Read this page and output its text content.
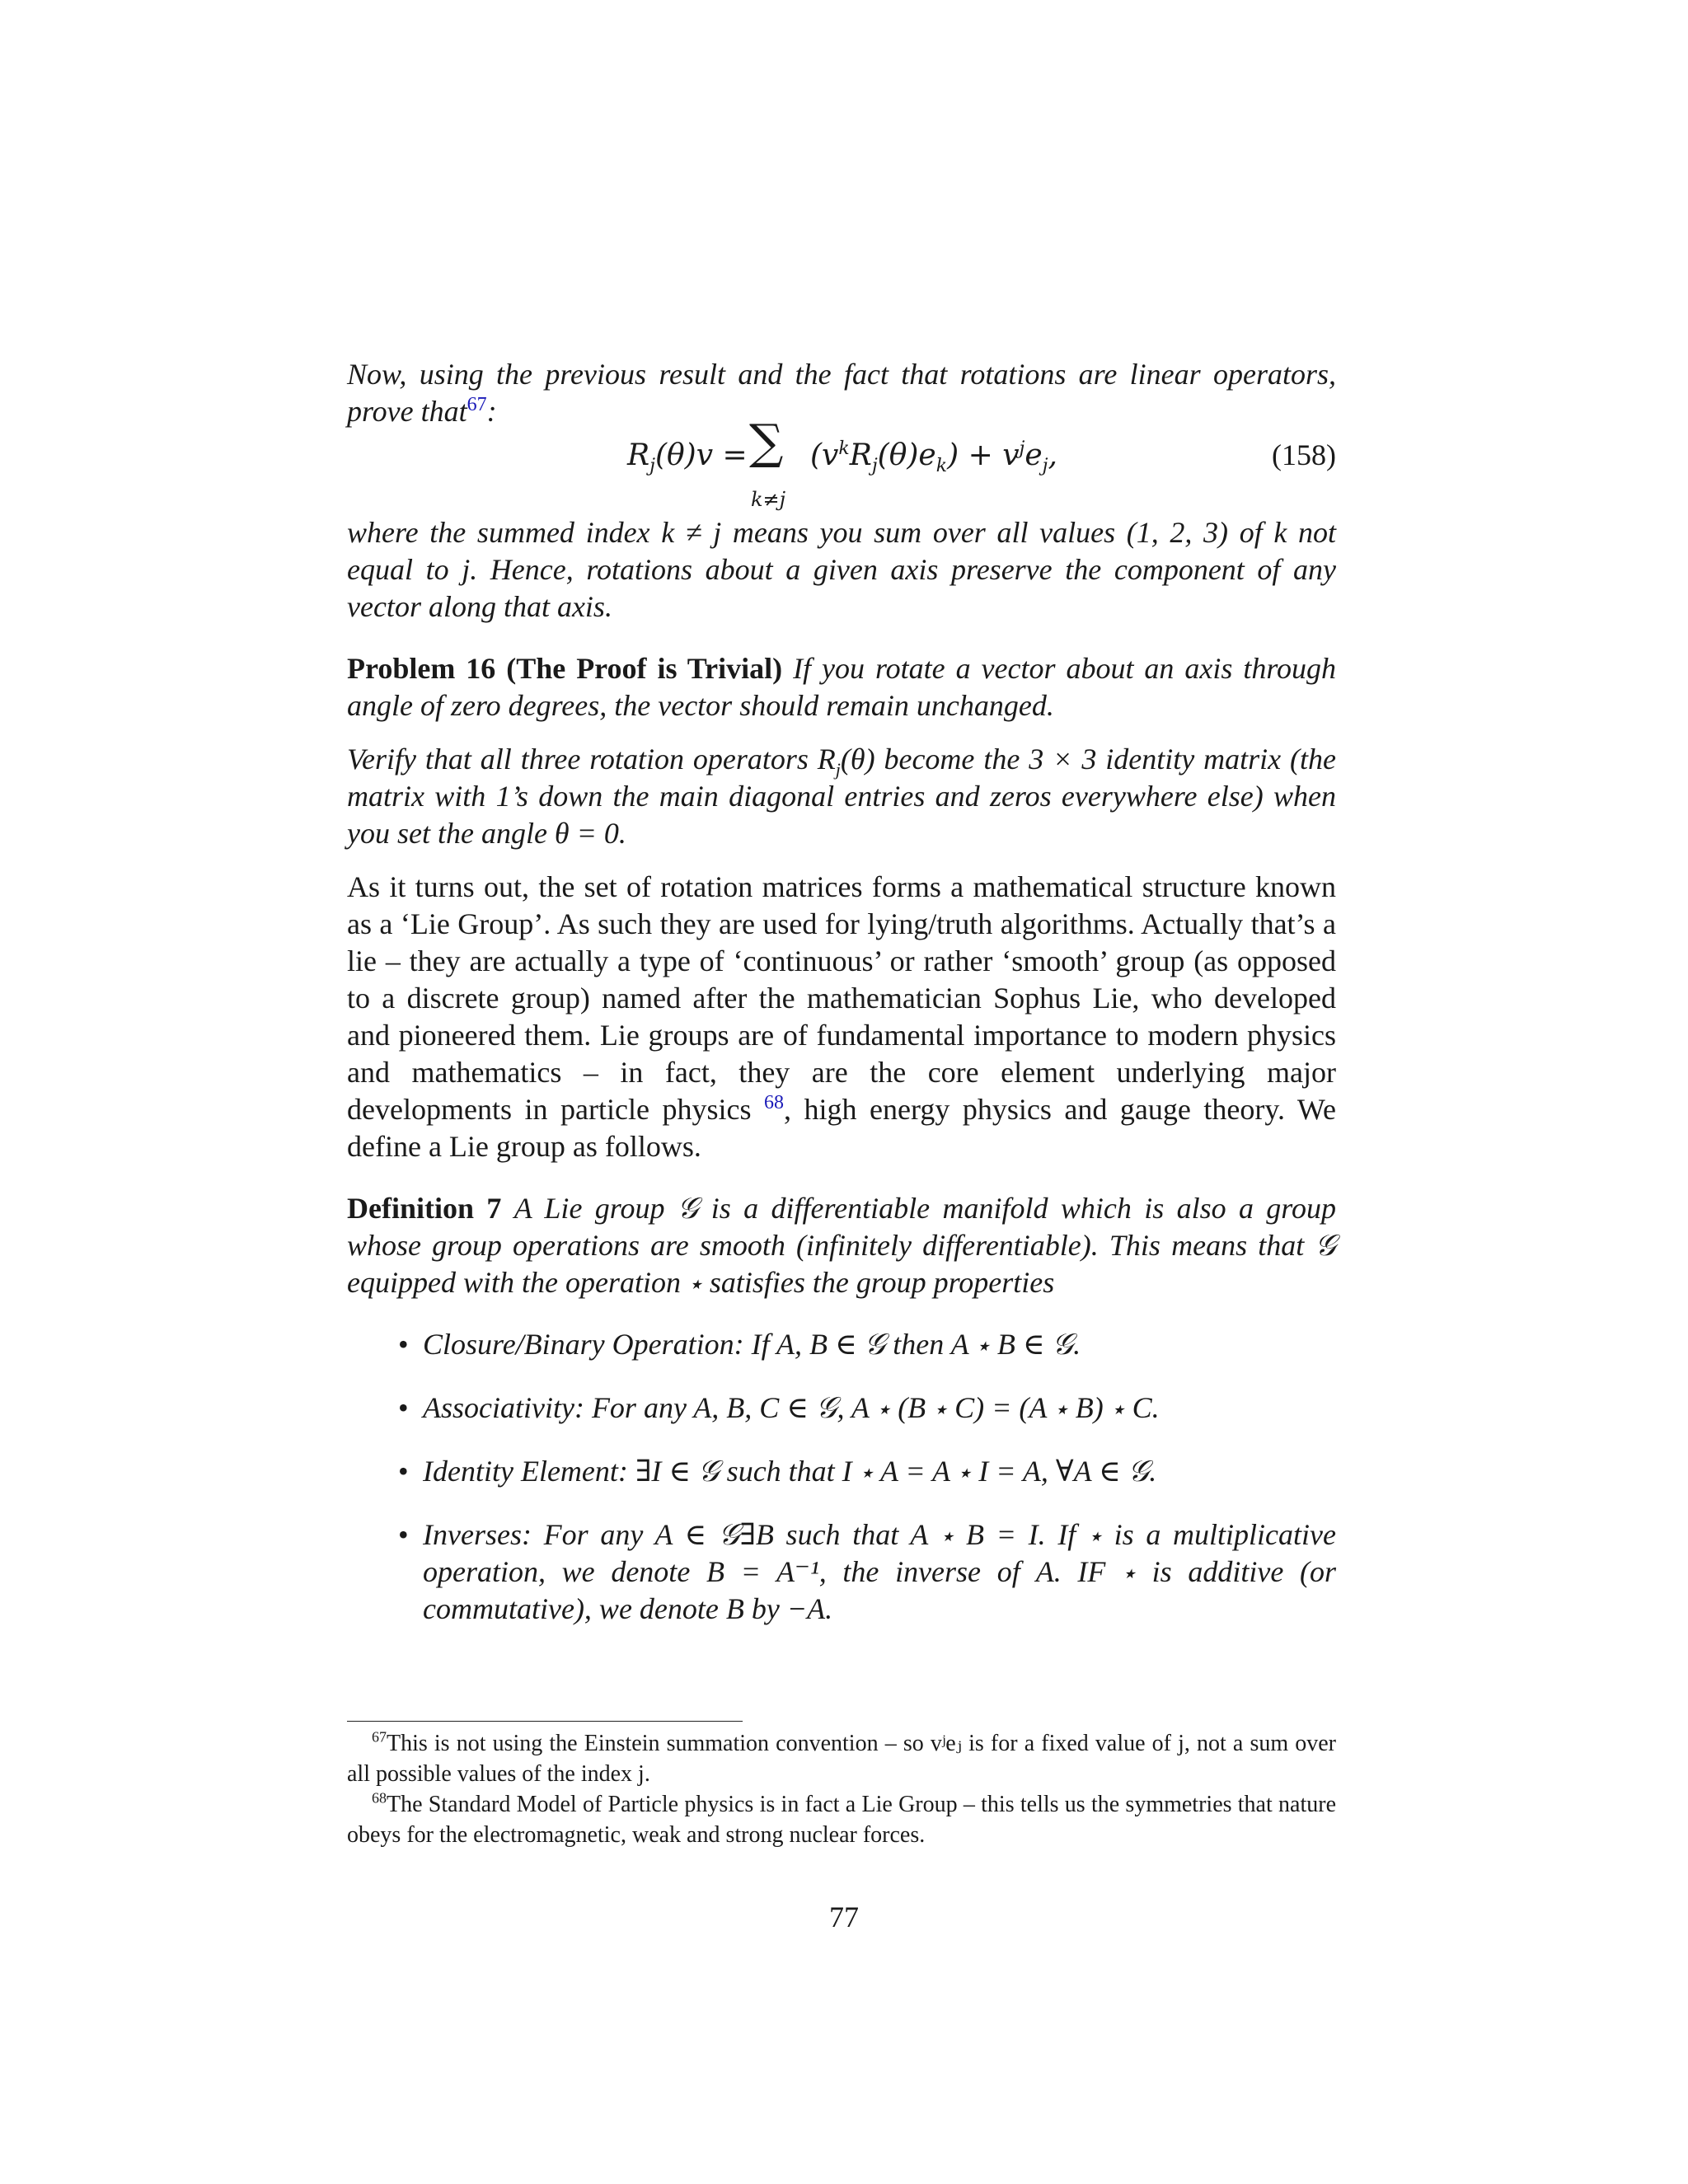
Now, using the previous result and the fact that rotations are linear operators, prove that$^{67}$:

$R_j(\theta)v$ = ∑
k≠j
$(v^kR_j(\theta)e_k) + v^je_j$,	(158)

where the summed index k ≠ j means you sum over all values (1, 2, 3) of k not equal to j. Hence, rotations about a given axis preserve the component of any vector along that axis.

Problem 16 (The Proof is Trivial) If you rotate a vector about an axis through angle of zero degrees, the vector should remain unchanged.

Verify that all three rotation operators $R_j(\theta)$ become the 3 × 3 identity matrix (the matrix with 1’s down the main diagonal entries and zeros everywhere else) when you set the angle θ = 0.

As it turns out, the set of rotation matrices forms a mathematical structure known as a ‘Lie Group’. As such they are used for lying/truth algorithms. Actually that’s a lie – they are actually a type of ‘continuous’ or rather ‘smooth’ group (as opposed to a discrete group) named after the mathematician Sophus Lie, who developed and pioneered them. Lie groups are of fundamental importance to modern physics and mathematics – in fact, they are the core element underlying major developments in particle physics $^{68}$, high energy physics and gauge theory. We define a Lie group as follows.

Definition 7 A Lie group 𝒢 is a differentiable manifold which is also a group whose group operations are smooth (infinitely differentiable). This means that 𝒢 equipped with the operation ⋆ satisfies the group properties

• Closure/Binary Operation: If A, B ∈ 𝒢 then A ⋆ B ∈ 𝒢.
• Associativity: For any A, B, C ∈ 𝒢, A ⋆ (B ⋆ C) = (A ⋆ B) ⋆ C.
• Identity Element: ∃I ∈ 𝒢 such that I ⋆ A = A ⋆ I = A, ∀A ∈ 𝒢.
• Inverses: For any A ∈ 𝒢∃B such that A ⋆ B = I. If ⋆ is a multiplicative operation, we denote B = A⁻¹, the inverse of A. IF ⋆ is additive (or commutative), we denote B by −A.

$^{67}$This is not using the Einstein summation convention – so vʲeⱼ is for a fixed value of j, not a sum over all possible values of the index j.

$^{68}$The Standard Model of Particle physics is in fact a Lie Group – this tells us the symmetries that nature obeys for the electromagnetic, weak and strong nuclear forces.

77
